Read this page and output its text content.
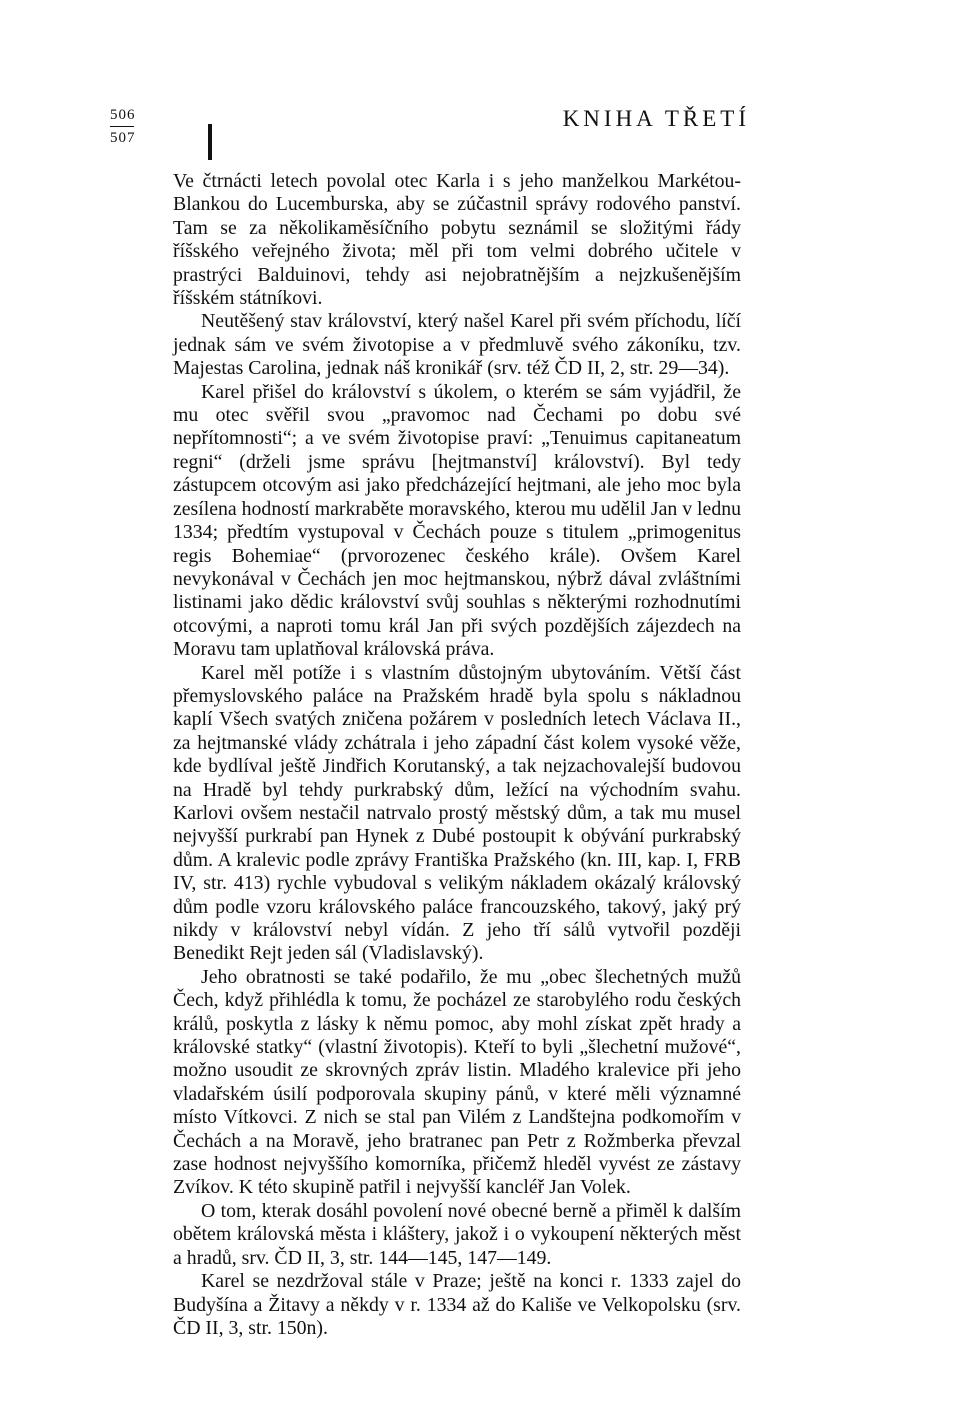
506
507
KNIHA TŘETÍ

Ve čtrnácti letech povolal otec Karla i s jeho manželkou Markétou-Blankou do Lucemburska, aby se zúčastnil správy rodového panství. Tam se za několikaměsíčního pobytu seznámil se složitými řády říšského veřejného života; měl při tom velmi dobrého učitele v prastrýci Balduinovi, tehdy asi nejobratnějším a nejzkušenějším říšském státníkovi.

Neutěšený stav království, který našel Karel při svém příchodu, líčí jednak sám ve svém životopise a v předmluvě svého zákoníku, tzv. Majestas Carolina, jednak náš kronikář (srv. též ČD II, 2, str. 29—34).

Karel přišel do království s úkolem, o kterém se sám vyjádřil, že mu otec svěřil svou „pravomoc nad Čechami po dobu své nepřítomnosti“; a ve svém životopise praví: „Tenuimus capitaneatum regni“ (drželi jsme správu [hejtmanství] království). Byl tedy zástupcem otcovým asi jako předcházející hejtmani, ale jeho moc byla zesílena hodností markraběte moravského, kterou mu udělil Jan v lednu 1334; předtím vystupoval v Čechách pouze s titulem „primogenitus regis Bohemiae“ (prvorozenec českého krále). Ovšem Karel nevykonával v Čechách jen moc hejtmanskou, nýbrž dával zvláštními listinami jako dědic království svůj souhlas s některými rozhodnutími otcovými, a naproti tomu král Jan při svých pozdějších zájezdech na Moravu tam uplatňoval královská práva.

Karel měl potíže i s vlastním důstojným ubytováním. Větší část přemyslovského paláce na Pražském hradě byla spolu s nákladnou kaplí Všech svatých zničena požárem v posledních letech Václava II., za hejtmanské vlády zchátrala i jeho západní část kolem vysoké věže, kde bydlíval ještě Jindřich Korutanský, a tak nejzachovalejší budovou na Hradě byl tehdy purkrabský dům, ležící na východním svahu. Karlovi ovšem nestačil natrvalo prostý městský dům, a tak mu musel nejvyšší purkrabí pan Hynek z Dubé postoupit k obývání purkrabský dům. A kralevic podle zprávy Františka Pražského (kn. III, kap. I, FRB IV, str. 413) rychle vybudoval s velikým nákladem okázalý královský dům podle vzoru královského paláce francouzského, takový, jaký prý nikdy v království nebyl vídán. Z jeho tří sálů vytvořil později Benedikt Rejt jeden sál (Vladislavský).

Jeho obratnosti se také podařilo, že mu „obec šlechetných mužů Čech, když přihlédla k tomu, že pocházel ze starobylého rodu českých králů, poskytla z lásky k němu pomoc, aby mohl získat zpět hrady a královské statky“ (vlastní životopis). Kteří to byli „šlechetní mužové“, možno usoudit ze skrovných zpráv listin. Mladého kralevice při jeho vladařském úsilí podporovala skupiny pánů, v které měli významné místo Vítkovci. Z nich se stal pan Vilém z Landštejna podkomořím v Čechách a na Moravě, jeho bratranec pan Petr z Rožmberka převzal zase hodnost nejvyššího komorníka, přičemž hleděl vyvést ze zástavy Zvíkov. K této skupině patřil i nejvyšší kancléř Jan Volek.

O tom, kterak dosáhl povolení nové obecné berně a přiměl k dalším obětem královská města i kláštery, jakož i o vykoupení některých měst a hradů, srv. ČD II, 3, str. 144—145, 147—149.

Karel se nezdržoval stále v Praze; ještě na konci r. 1333 zajel do Budyšína a Žitavy a někdy v r. 1334 až do Kališe ve Velkopolsku (srv. ČD II, 3, str. 150n).
